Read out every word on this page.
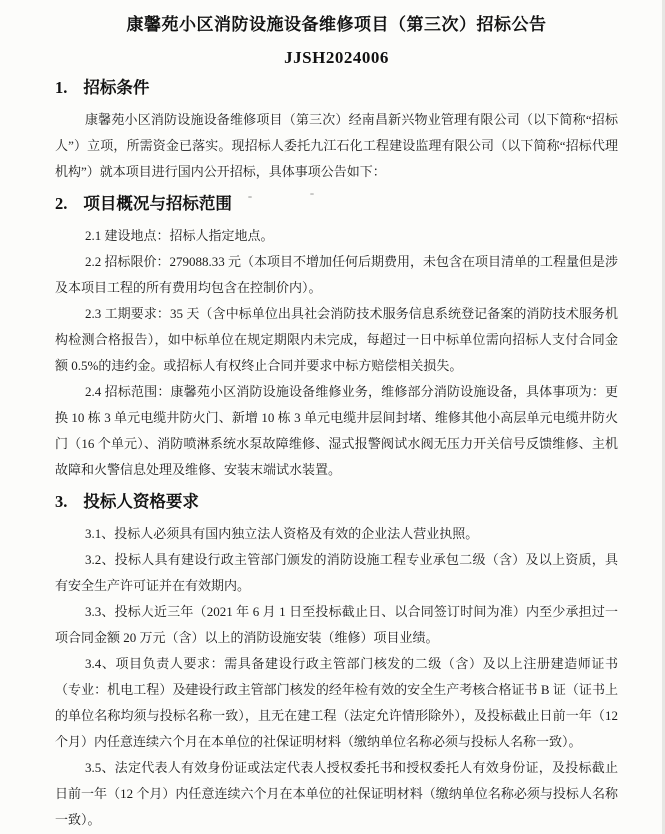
康馨苑小区消防设施设备维修项目（第三次）招标公告
JJSH2024006
1. 招标条件

康馨苑小区消防设施设备维修项目（第三次）经南昌新兴物业管理有限公司（以下简称“招标人”）立项，所需资金已落实。现招标人委托九江石化工程建设监理有限公司（以下简称“招标代理机构”）就本项目进行国内公开招标，具体事项公告如下：

2. 项目概况与招标范围

2.1 建设地点：招标人指定地点。

2.2 招标限价：279088.33 元（本项目不增加任何后期费用，未包含在项目清单的工程量但是涉及本项目工程的所有费用均包含在控制价内）。

2.3 工期要求：35 天（含中标单位出具社会消防技术服务信息系统登记备案的消防技术服务机构检测合格报告），如中标单位在规定期限内未完成，每超过一日中标单位需向招标人支付合同金额 0.5%的违约金。或招标人有权终止合同并要求中标方赔偿相关损失。

2.4 招标范围：康馨苑小区消防设施设备维修业务，维修部分消防设施设备，具体事项为：更换 10 栋 3 单元电缆井防火门、新增 10 栋 3 单元电缆井层间封堵、维修其他小高层单元电缆井防火门（16 个单元）、消防喷淋系统水泵故障维修、湿式报警阀试水阀无压力开关信号反馈维修、主机故障和火警信息处理及维修、安装末端试水装置。

3. 投标人资格要求

3.1、投标人必须具有国内独立法人资格及有效的企业法人营业执照。

3.2、投标人具有建设行政主管部门颁发的消防设施工程专业承包二级（含）及以上资质，具有安全生产许可证并在有效期内。

3.3、投标人近三年（2021 年 6 月 1 日至投标截止日、以合同签订时间为准）内至少承担过一项合同金额 20 万元（含）以上的消防设施安装（维修）项目业绩。

3.4、项目负责人要求：需具备建设行政主管部门核发的二级（含）及以上注册建造师证书（专业：机电工程）及建设行政主管部门核发的经年检有效的安全生产考核合格证书 B 证（证书上的单位名称均须与投标名称一致），且无在建工程（法定允许情形除外），及投标截止日前一年（12 个月）内任意连续六个月在本单位的社保证明材料（缴纳单位名称必须与投标人名称一致）。

3.5、法定代表人有效身份证或法定代表人授权委托书和授权委托人有效身份证，及投标截止日前一年（12 个月）内任意连续六个月在本单位的社保证明材料（缴纳单位名称必须与投标人名称一致）。
